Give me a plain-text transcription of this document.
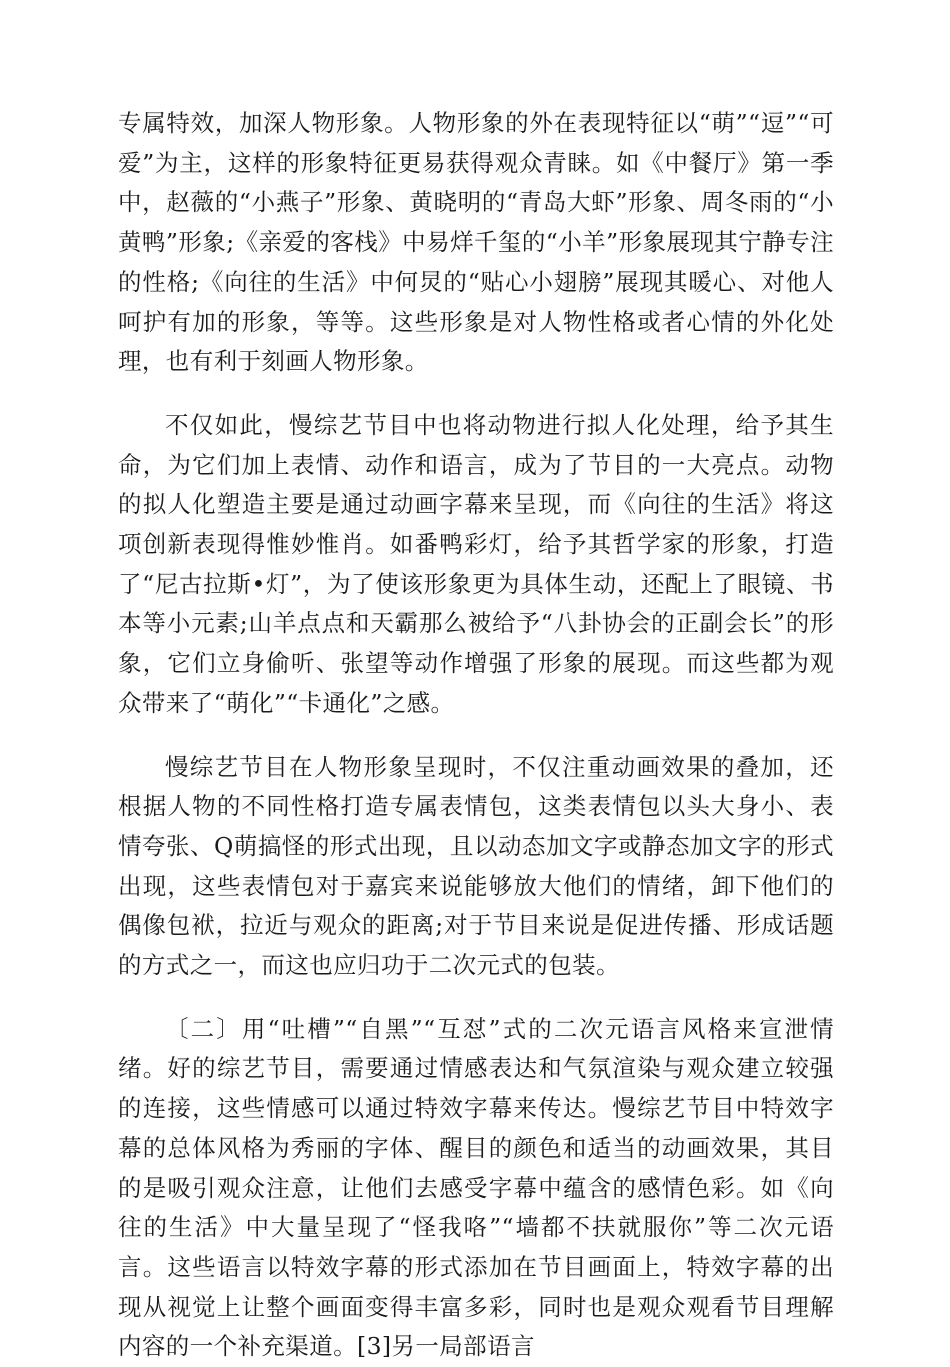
专属特效，加深人物形象。人物形象的外在表现特征以“萌”“逗”“可爱”为主，这样的形象特征更易获得观众青睐。如《中餐厅》第一季中，赵薇的“小燕子”形象、黄晓明的“青岛大虾”形象、周冬雨的“小黄鸭”形象;《亲爱的客栈》中易烊千玺的“小羊”形象展现其宁静专注的性格;《向往的生活》中何炅的“贴心小翅膀”展现其暖心、对他人呵护有加的形象，等等。这些形象是对人物性格或者心情的外化处理，也有利于刻画人物形象。

不仅如此，慢综艺节目中也将动物进行拟人化处理，给予其生命，为它们加上表情、动作和语言，成为了节目的一大亮点。动物的拟人化塑造主要是通过动画字幕来呈现，而《向往的生活》将这项创新表现得惟妙惟肖。如番鸭彩灯，给予其哲学家的形象，打造了“尼古拉斯•灯”，为了使该形象更为具体生动，还配上了眼镜、书本等小元素;山羊点点和天霸那么被给予“八卦协会的正副会长”的形象，它们立身偷听、张望等动作增强了形象的展现。而这些都为观众带来了“萌化”“卡通化”之感。

慢综艺节目在人物形象呈现时，不仅注重动画效果的叠加，还根据人物的不同性格打造专属表情包，这类表情包以头大身小、表情夸张、Q萌搞怪的形式出现，且以动态加文字或静态加文字的形式出现，这些表情包对于嘉宾来说能够放大他们的情绪，卸下他们的偶像包袱，拉近与观众的距离;对于节目来说是促进传播、形成话题的方式之一，而这也应归功于二次元式的包装。

〔二〕用“吐槽”“自黑”“互怼”式的二次元语言风格来宣泄情绪。好的综艺节目，需要通过情感表达和气氛渲染与观众建立较强的连接，这些情感可以通过特效字幕来传达。慢综艺节目中特效字幕的总体风格为秀丽的字体、醒目的颜色和适当的动画效果，其目的是吸引观众注意，让他们去感受字幕中蕴含的感情色彩。如《向往的生活》中大量呈现了“怪我咯”“墙都不扶就服你”等二次元语言。这些语言以特效字幕的形式添加在节目画面上，特效字幕的出现从视觉上让整个画面变得丰富多彩，同时也是观众观看节目理解内容的一个补充渠道。[3]另一局部语言
